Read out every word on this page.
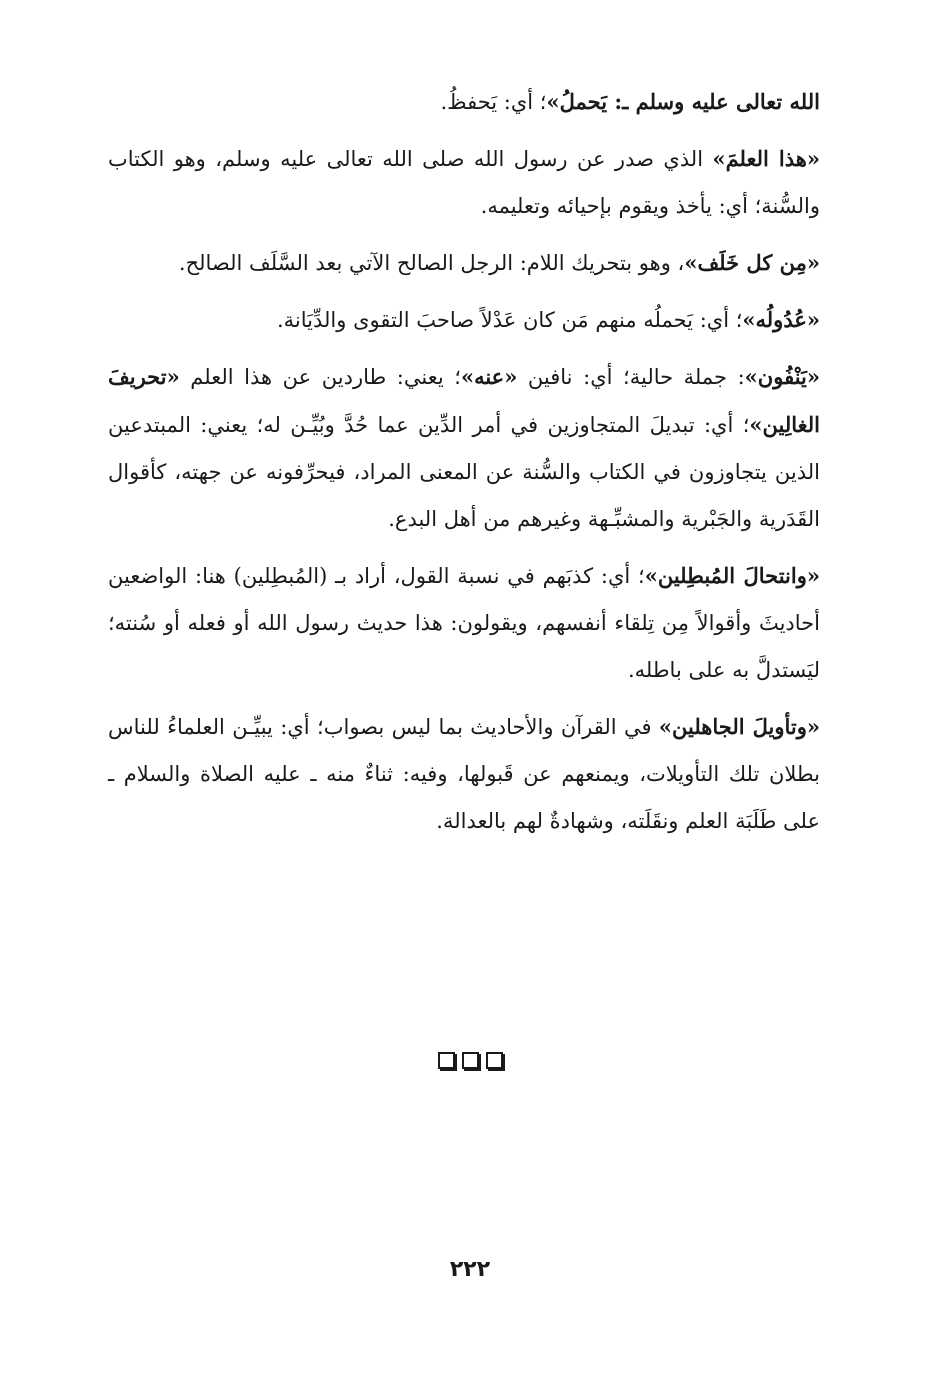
الله تعالى عليه وسلم ـ: يَحملُ»؛ أي: يَحفظُ.

«هذا العلمَ» الذي صدر عن رسول الله صلى الله تعالى عليه وسلم، وهو الكتاب والسُّنة؛ أي: يأخذ ويقوم بإحيائه وتعليمه.

«مِن كل خَلَف»، وهو بتحريك اللام: الرجل الصالح الآتي بعد السَّلَف الصالح.

«عُدُولُه»؛ أي: يَحملُه منهم مَن كان عَدْلاً صاحبَ التقوى والدِّيَانة.

«يَنْفُون»: جملة حالية؛ أي: نافين «عنه»؛ يعني: طاردين عن هذا العلم «تحريفَ الغالِين»؛ أي: تبديلَ المتجاوزين في أمر الدِّين عما حُدَّ وبُيِّـن له؛ يعني: المبتدعين الذين يتجاوزون في الكتاب والسُّنة عن المعنى المراد، فيحرِّفونه عن جهته، كأقوال القَدَرية والجَبْرية والمشبِّـهة وغيرهم من أهل البدع.

«وانتحالَ المُبطِلين»؛ أي: كذبَهم في نسبة القول، أراد بـ (المُبطِلين) هنا: الواضعين أحاديثَ وأقوالاً مِن تِلقاء أنفسهم، ويقولون: هذا حديث رسول الله أو فعله أو سُنته؛ ليَستدلَّ به على باطله.

«وتأويلَ الجاهلين» في القرآن والأحاديث بما ليس بصواب؛ أي: يبيِّـن العلماءُ للناس بطلان تلك التأويلات، ويمنعهم عن قَبولها، وفيه: ثناءٌ منه ـ عليه الصلاة والسلام ـ على طَلَبَة العلم ونقَلَته، وشهادةٌ لهم بالعدالة.

٢٢٢
